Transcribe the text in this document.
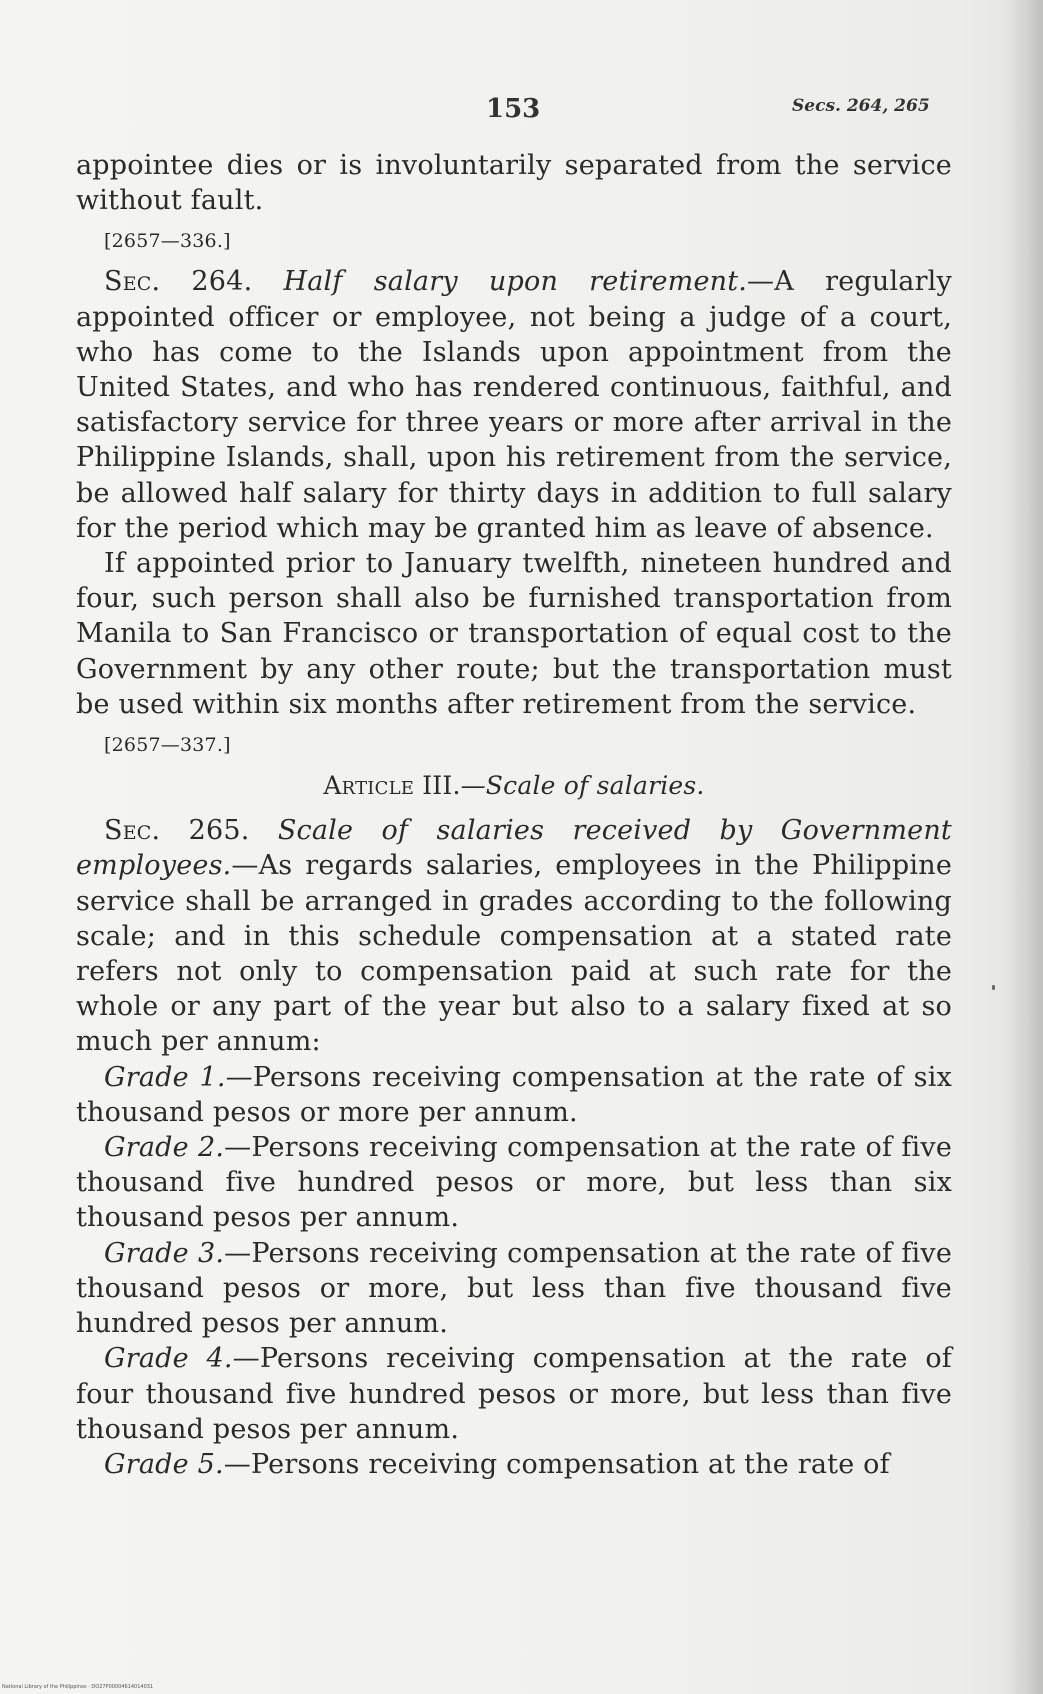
153	Secs. 264, 265

appointee dies or is involuntarily separated from the service without fault.

[2657—336.]

Sec. 264. Half salary upon retirement.—A regularly appointed officer or employee, not being a judge of a court, who has come to the Islands upon appointment from the United States, and who has rendered continuous, faithful, and satisfactory service for three years or more after arrival in the Philippine Islands, shall, upon his retirement from the service, be allowed half salary for thirty days in addition to full salary for the period which may be granted him as leave of absence.

If appointed prior to January twelfth, nineteen hundred and four, such person shall also be furnished transportation from Manila to San Francisco or transportation of equal cost to the Government by any other route; but the transportation must be used within six months after retirement from the service.

[2657—337.]

Article III.—Scale of salaries.

Sec. 265. Scale of salaries received by Government employees.—As regards salaries, employees in the Philippine service shall be arranged in grades according to the following scale; and in this schedule compensation at a stated rate refers not only to compensation paid at such rate for the whole or any part of the year but also to a salary fixed at so much per annum:

Grade 1.—Persons receiving compensation at the rate of six thousand pesos or more per annum.

Grade 2.—Persons receiving compensation at the rate of five thousand five hundred pesos or more, but less than six thousand pesos per annum.

Grade 3.—Persons receiving compensation at the rate of five thousand pesos or more, but less than five thousand five hundred pesos per annum.

Grade 4.—Persons receiving compensation at the rate of four thousand five hundred pesos or more, but less than five thousand pesos per annum.

Grade 5.—Persons receiving compensation at the rate of

National Library of the Philippines · DO27P00004614014031
